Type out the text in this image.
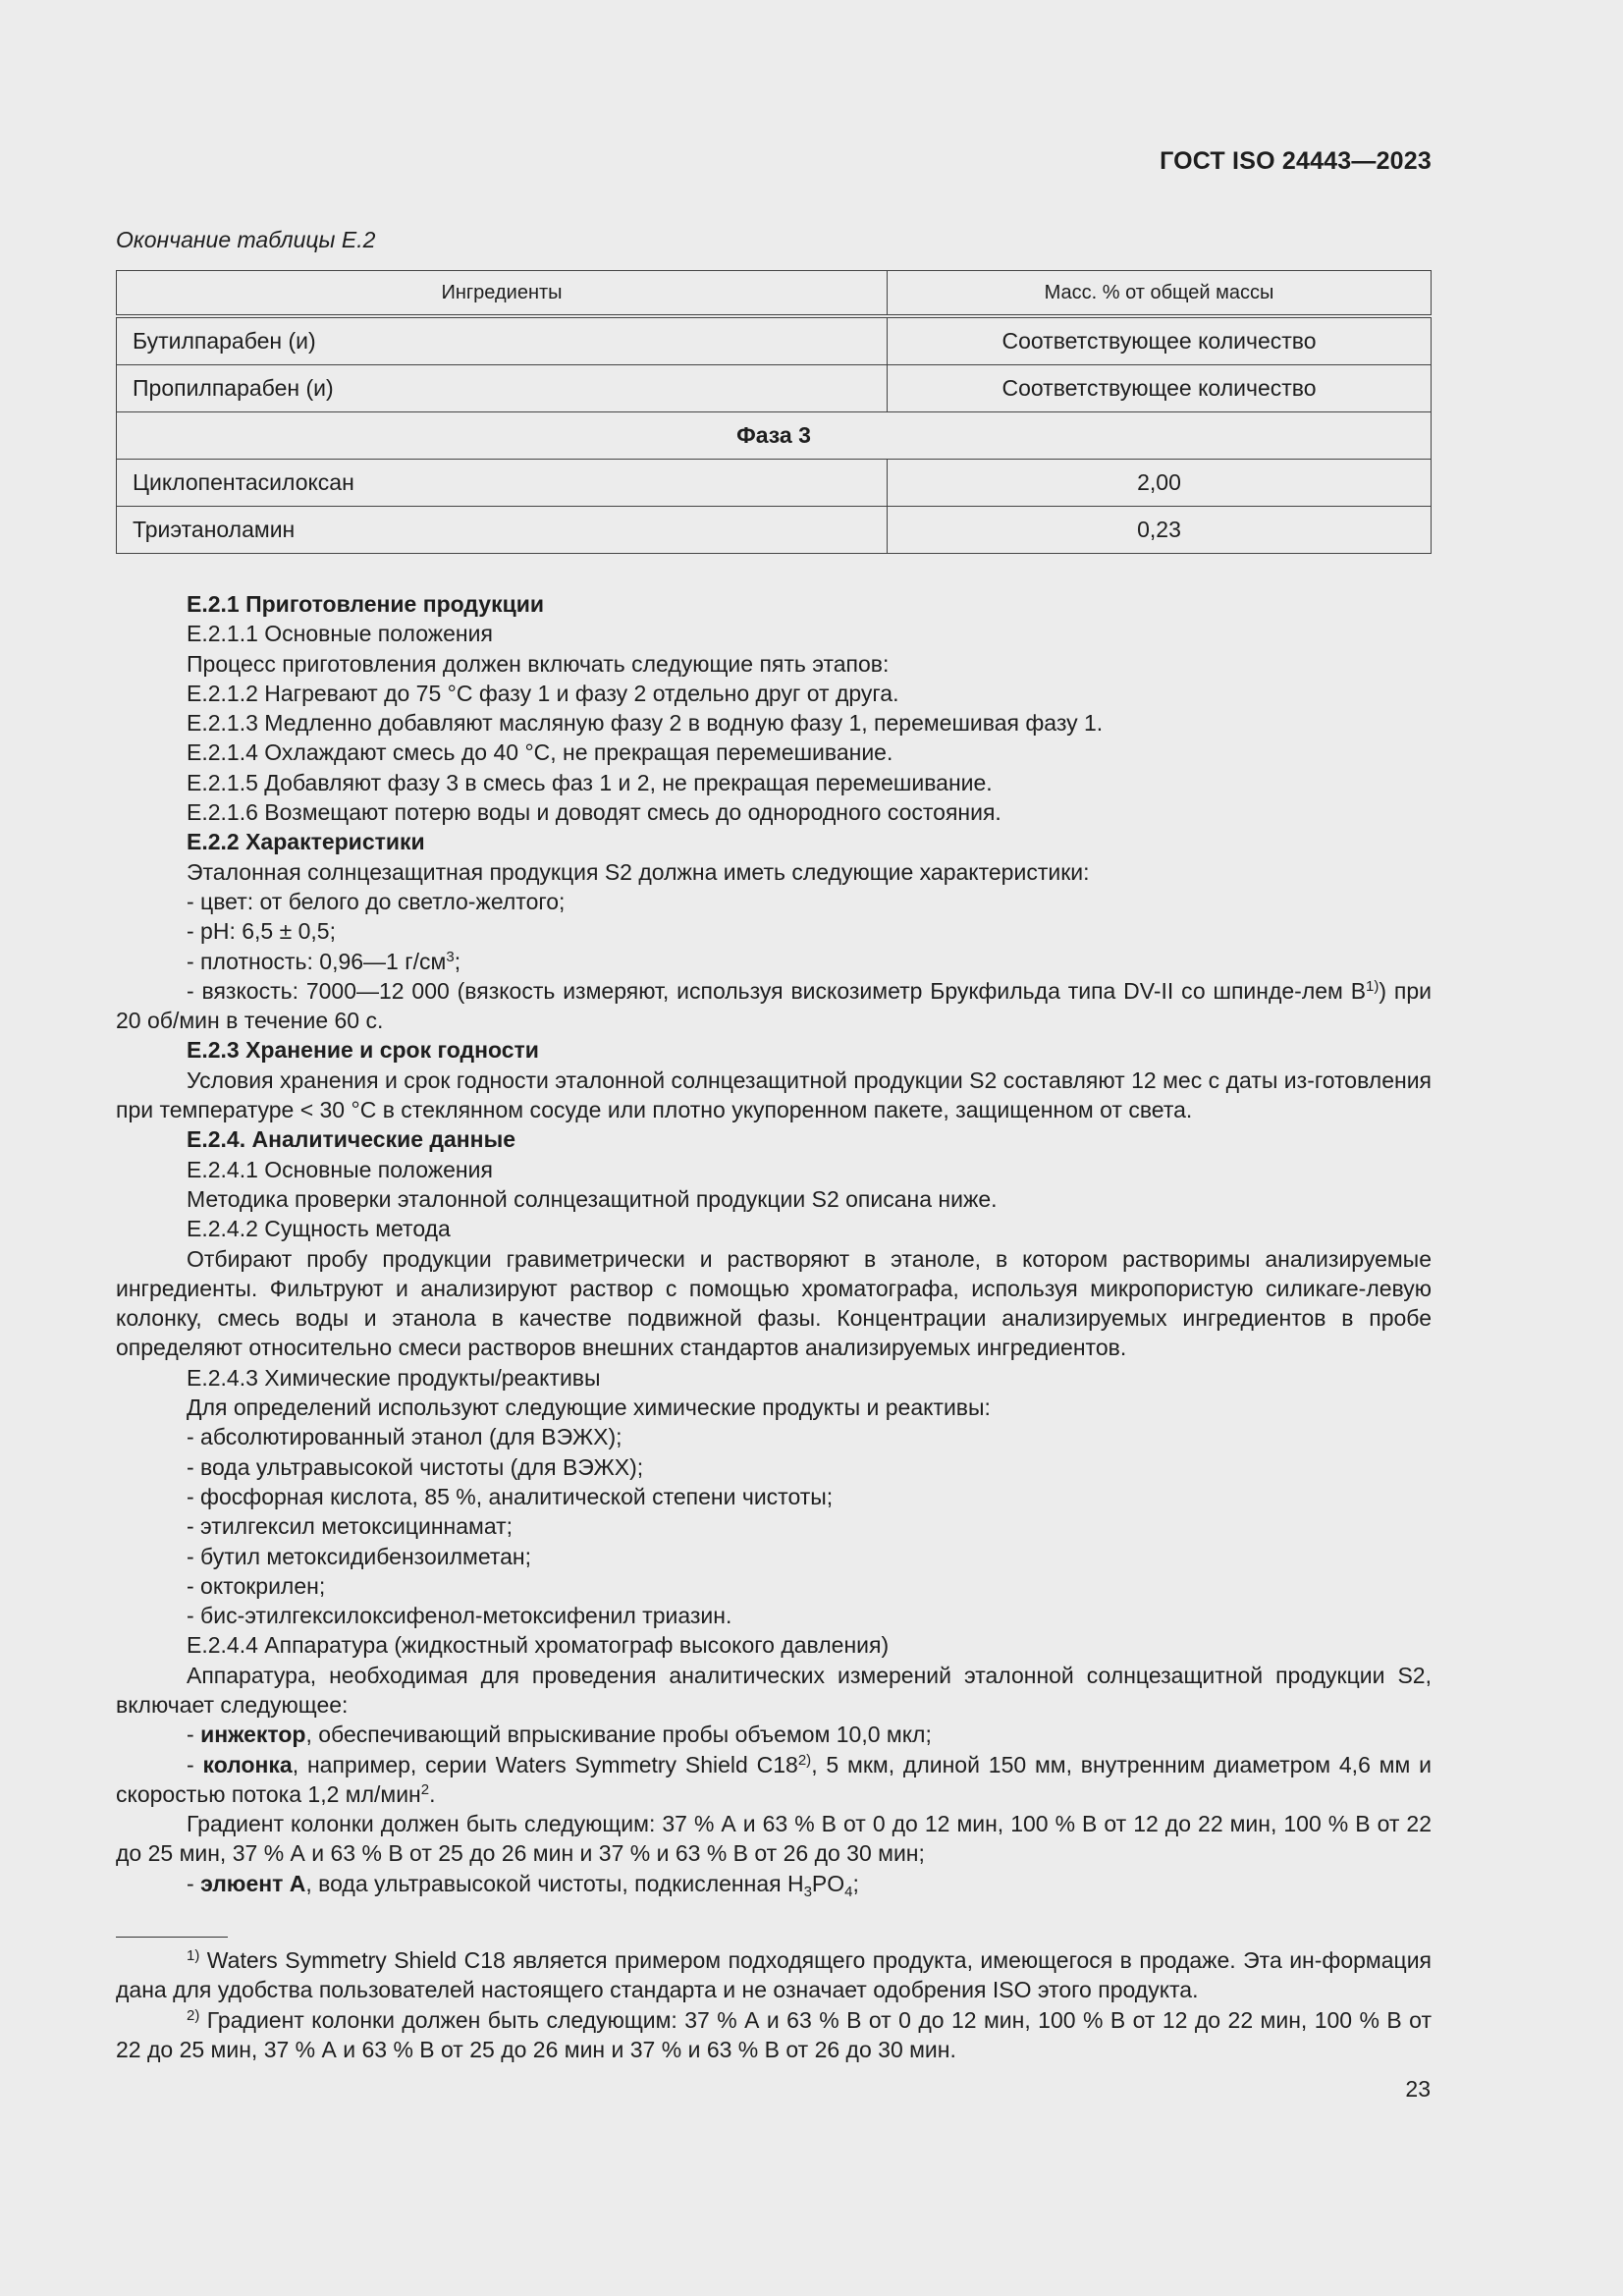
ГОСТ ISO 24443—2023
Окончание таблицы Е.2
Ингредиенты	Масс. % от общей массы
Бутилпарабен (и)	Соответствующее количество
Пропилпарабен (и)	Соответствующее количество
Фаза 3	
Циклопентасилоксан	2,00
Триэтаноламин	0,23

Е.2.1 Приготовление продукции

Е.2.1.1 Основные положения

Процесс приготовления должен включать следующие пять этапов:

Е.2.1.2 Нагревают до 75 °С фазу 1 и фазу 2 отдельно друг от друга.

Е.2.1.3 Медленно добавляют масляную фазу 2 в водную фазу 1, перемешивая фазу 1.

Е.2.1.4 Охлаждают смесь до 40 °С, не прекращая перемешивание.

Е.2.1.5 Добавляют фазу 3 в смесь фаз 1 и 2, не прекращая перемешивание.

Е.2.1.6 Возмещают потерю воды и доводят смесь до однородного состояния.

Е.2.2 Характеристики

Эталонная солнцезащитная продукция S2 должна иметь следующие характеристики:

- цвет: от белого до светло-желтого;

- pH: 6,5 ± 0,5;

- плотность: 0,96—1 $г/см^3$;

- вязкость: 7000—12 000 (вязкость измеряют, используя вискозиметр Брукфильда типа DV-II со шпинде-лем $В^{1)}$) при 20 об/мин в течение 60 с.

Е.2.3 Хранение и срок годности

Условия хранения и срок годности эталонной солнцезащитной продукции S2 составляют 12 мес с даты из-готовления при температуре < 30 °С в стеклянном сосуде или плотно укупоренном пакете, защищенном от света.

Е.2.4. Аналитические данные

Е.2.4.1 Основные положения

Методика проверки эталонной солнцезащитной продукции S2 описана ниже.

Е.2.4.2 Сущность метода

Отбирают пробу продукции гравиметрически и растворяют в этаноле, в котором растворимы анализируемые ингредиенты. Фильтруют и анализируют раствор с помощью хроматографа, используя микропористую силикаге-левую колонку, смесь воды и этанола в качестве подвижной фазы. Концентрации анализируемых ингредиентов в пробе определяют относительно смеси растворов внешних стандартов анализируемых ингредиентов.

Е.2.4.3 Химические продукты/реактивы

Для определений используют следующие химические продукты и реактивы:

- абсолютированный этанол (для ВЭЖХ);

- вода ультравысокой чистоты (для ВЭЖХ);

- фосфорная кислота, 85 %, аналитической степени чистоты;

- этилгексил метоксициннамат;

- бутил метоксидибензоилметан;

- октокрилен;

- бис-этилгексилоксифенол-метоксифенил триазин.

Е.2.4.4 Аппаратура (жидкостный хроматограф высокого давления)

Аппаратура, необходимая для проведения аналитических измерений эталонной солнцезащитной продукции S2, включает следующее:

- инжектор, обеспечивающий впрыскивание пробы объемом 10,0 мкл;

- колонка, например, серии Waters Symmetry Shield C18$^{2)}$, 5 мкм, длиной 150 мм, внутренним диаметром 4,6 мм и скоростью потока 1,2 мл/мин$^2$.

Градиент колонки должен быть следующим: 37 % А и 63 % В от 0 до 12 мин, 100 % В от 12 до 22 мин, 100 % В от 22 до 25 мин, 37 % А и 63 % В от 25 до 26 мин и 37 % и 63 % В от 26 до 30 мин;

- элюент А, вода ультравысокой чистоты, подкисленная $H_3PO_4$;

$^{1)}$ Waters Symmetry Shield C18 является примером подходящего продукта, имеющегося в продаже. Эта ин-формация дана для удобства пользователей настоящего стандарта и не означает одобрения ISO этого продукта.

$^{2)}$ Градиент колонки должен быть следующим: 37 % А и 63 % В от 0 до 12 мин, 100 % В от 12 до 22 мин, 100 % В от 22 до 25 мин, 37 % А и 63 % В от 25 до 26 мин и 37 % и 63 % В от 26 до 30 мин.

23
